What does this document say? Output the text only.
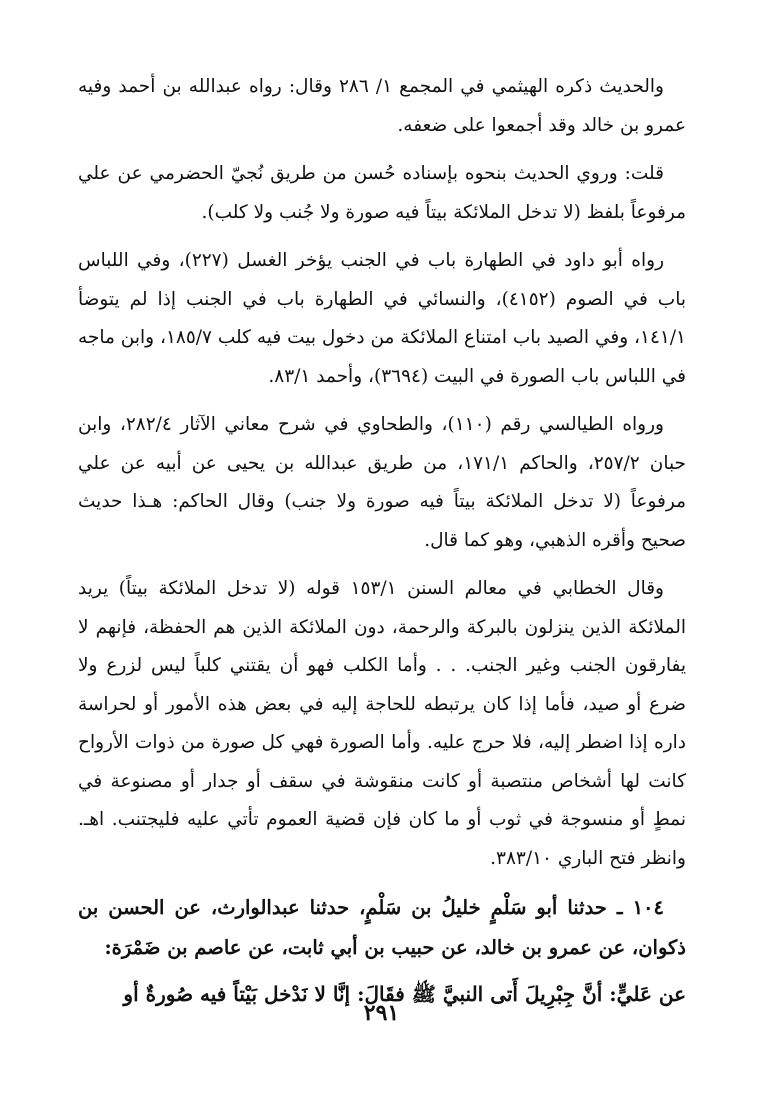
والحديث ذكره الهيثمي في المجمع ١/ ٢٨٦ وقال: رواه عبدالله بن أحمد وفيه عمرو بن خالد وقد أجمعوا على ضعفه.

قلت: وروي الحديث بنحوه بإسناده حُسن من طريق نُجيّ الحضرمي عن علي مرفوعاً بلفظ (لا تدخل الملائكة بيتاً فيه صورة ولا جُنب ولا كلب).

رواه أبو داود في الطهارة باب في الجنب يؤخر الغسل (٢٢٧)، وفي اللباس باب في الصوم (٤١٥٢)، والنسائي في الطهارة باب في الجنب إذا لم يتوضأ ١٤١/١، وفي الصيد باب امتناع الملائكة من دخول بيت فيه كلب ١٨٥/٧، وابن ماجه في اللباس باب الصورة في البيت (٣٦٩٤)، وأحمد ٨٣/١.

ورواه الطيالسي رقم (١١٠)، والطحاوي في شرح معاني الآثار ٢٨٢/٤، وابن حبان ٢٥٧/٢، والحاكم ١٧١/١، من طريق عبدالله بن يحيى عن أبيه عن علي مرفوعاً (لا تدخل الملائكة بيتاً فيه صورة ولا جنب) وقال الحاكم: هـذا حديث صحيح وأقره الذهبي، وهو كما قال.

وقال الخطابي في معالم السنن ١٥٣/١ قوله (لا تدخل الملائكة بيتاً) يريد الملائكة الذين ينزلون بالبركة والرحمة، دون الملائكة الذين هم الحفظة، فإنهم لا يفارقون الجنب وغير الجنب. . . وأما الكلب فهو أن يقتني كلباً ليس لزرع ولا ضرع أو صيد، فأما إذا كان يرتبطه للحاجة إليه في بعض هذه الأمور أو لحراسة داره إذا اضطر إليه، فلا حرج عليه. وأما الصورة فهي كل صورة من ذوات الأرواح كانت لها أشخاص منتصبة أو كانت منقوشة في سقف أو جدار أو مصنوعة في نمطٍ أو منسوجة في ثوب أو ما كان فإن قضية العموم تأتي عليه فليجتنب. اهـ. وانظر فتح الباري ٣٨٣/١٠.

١٠٤ ـ حدثنا أبو سَلْمٍ خليلُ بن سَلْمٍ، حدثنا عبدالوارث، عن الحسن بن ذكوان، عن عمرو بن خالد، عن حبيب بن أبي ثابت، عن عاصم بن ضَمْرَة:

عن عَليٍّ: أنَّ جِبْرِيلَ أَتى النبيَّ ﷺ فقَالَ: إنَّا لا نَدْخل بَيْتاً فيه صُورةٌ أو

٢٩١
